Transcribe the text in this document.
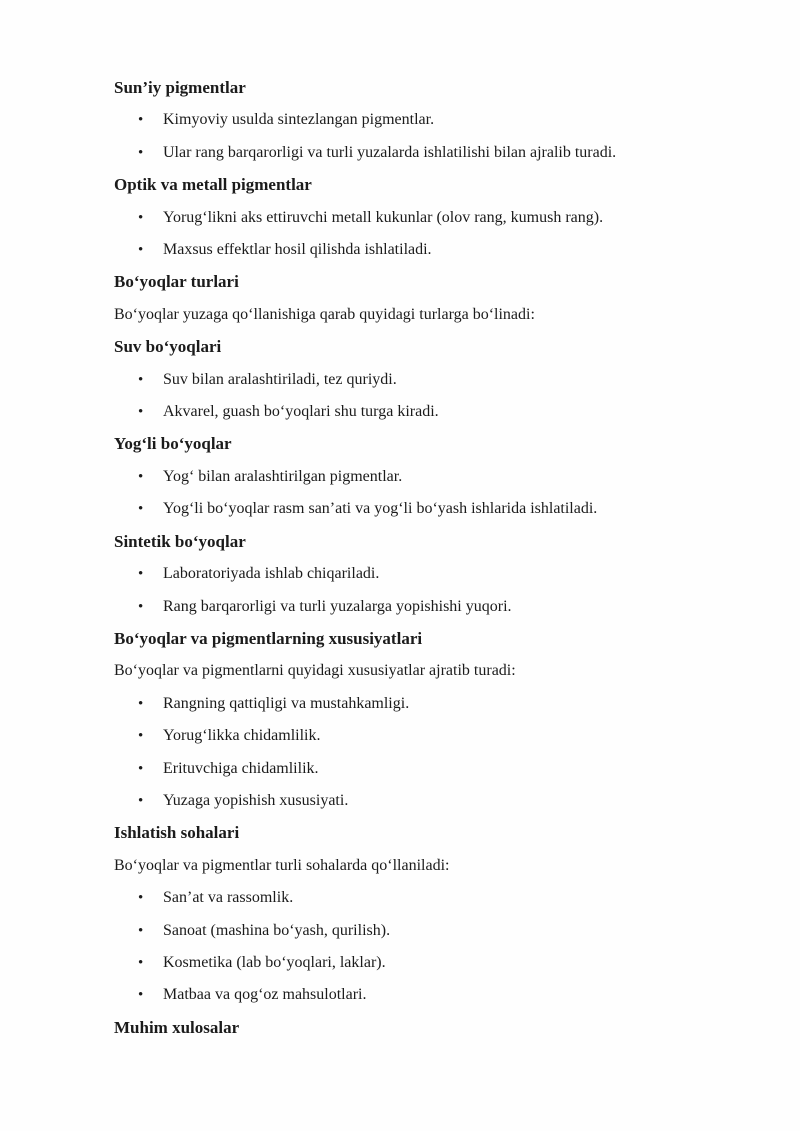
Sun’iy pigmentlar
• Kimyoviy usulda sintezlangan pigmentlar.
• Ular rang barqarorligi va turli yuzalarda ishlatilishi bilan ajralib turadi.
Optik va metall pigmentlar
• Yorug‘likni aks ettiruvchi metall kukunlar (olov rang, kumush rang).
• Maxsus effektlar hosil qilishda ishlatiladi.
Bo‘yoqlar turlari
Bo‘yoqlar yuzaga qo‘llanishiga qarab quyidagi turlarga bo‘linadi:
Suv bo‘yoqlari
• Suv bilan aralashtiriladi, tez quriydi.
• Akvarel, guash bo‘yoqlari shu turga kiradi.
Yog‘li bo‘yoqlar
• Yog‘ bilan aralashtirilgan pigmentlar.
• Yog‘li bo‘yoqlar rasm san’ati va yog‘li bo‘yash ishlarida ishlatiladi.
Sintetik bo‘yoqlar
• Laboratoriyada ishlab chiqariladi.
• Rang barqarorligi va turli yuzalarga yopishishi yuqori.
Bo‘yoqlar va pigmentlarning xususiyatlari
Bo‘yoqlar va pigmentlarni quyidagi xususiyatlar ajratib turadi:
• Rangning qattiqligi va mustahkamligi.
• Yorug‘likka chidamlilik.
• Erituvchiga chidamlilik.
• Yuzaga yopishish xususiyati.
Ishlatish sohalari
Bo‘yoqlar va pigmentlar turli sohalarda qo‘llaniladi:
• San’at va rassomlik.
• Sanoat (mashina bo‘yash, qurilish).
• Kosmetika (lab bo‘yoqlari, laklar).
• Matbaa va qog‘oz mahsulotlari.
Muhim xulosalar
